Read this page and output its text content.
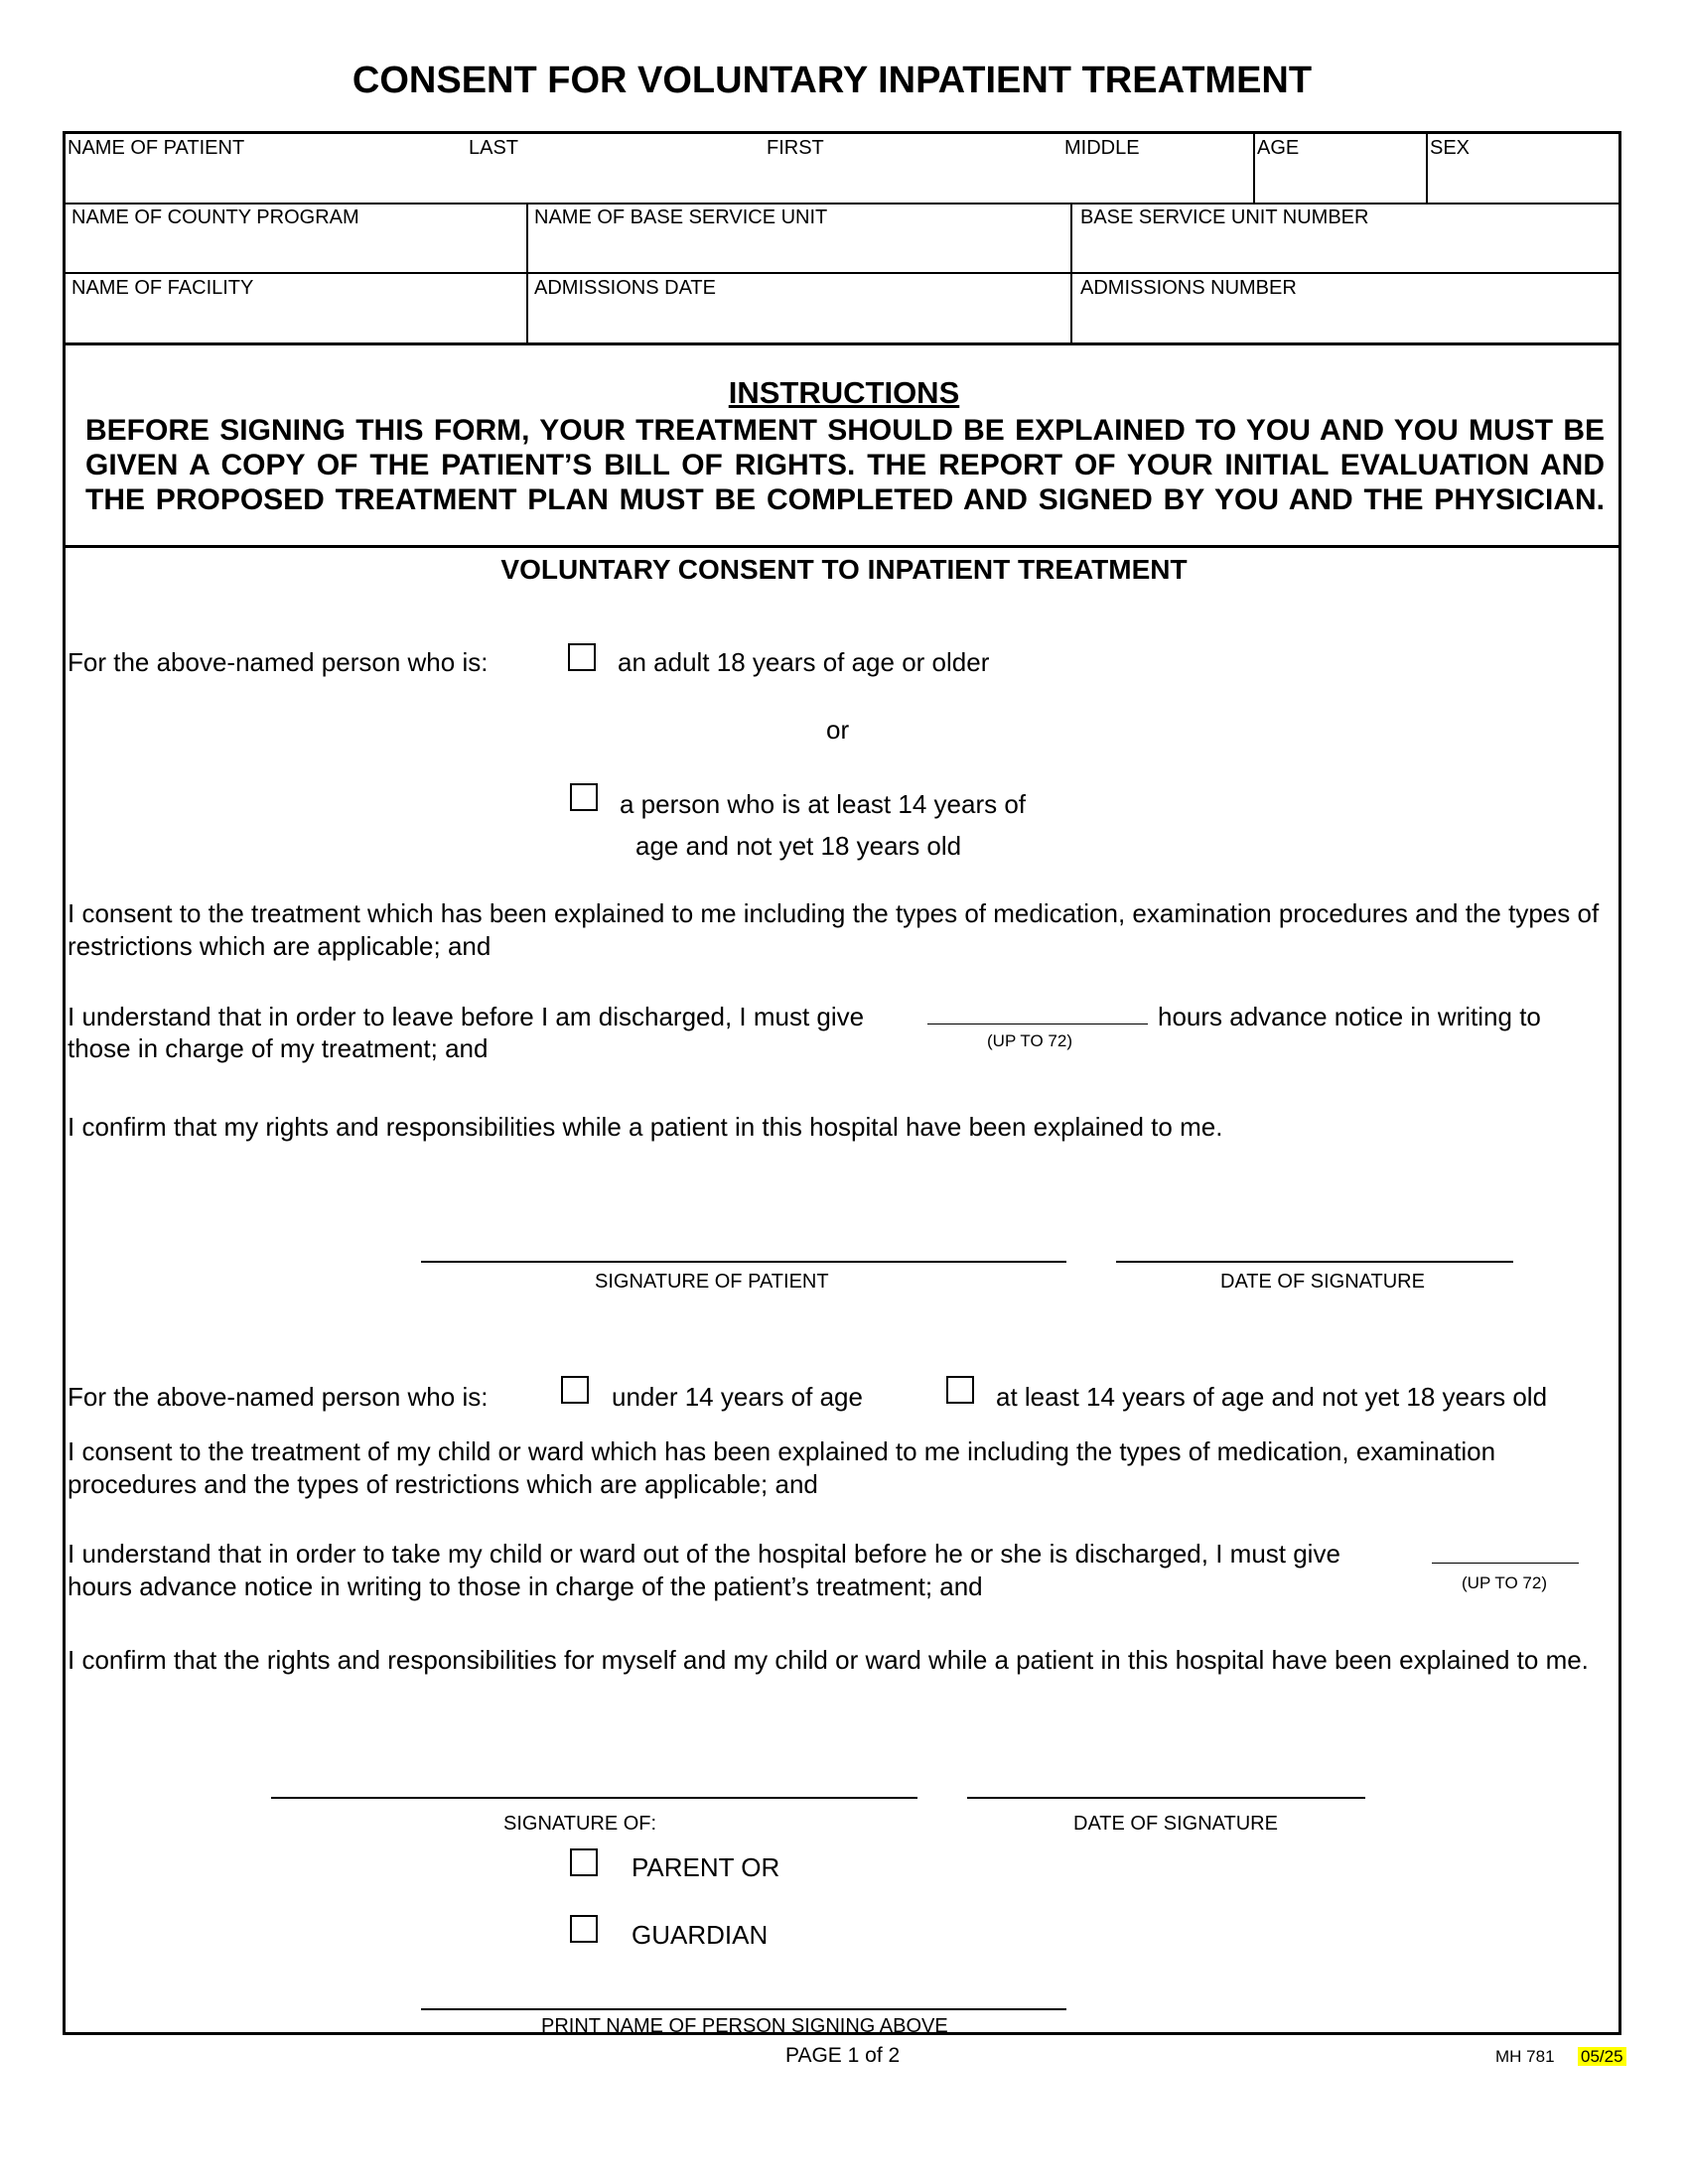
CONSENT FOR VOLUNTARY INPATIENT TREATMENT
NAME OF PATIENT	LAST	FIRST	MIDDLE	AGE	SEX
NAME OF COUNTY PROGRAM	NAME OF BASE SERVICE UNIT	BASE SERVICE UNIT NUMBER
NAME OF FACILITY	ADMISSIONS DATE	ADMISSIONS NUMBER
INSTRUCTIONS
BEFORE SIGNING THIS FORM, YOUR TREATMENT SHOULD BE EXPLAINED TO YOU AND YOU MUST BE
GIVEN A COPY OF THE PATIENT’S BILL OF RIGHTS. THE REPORT OF YOUR INITIAL EVALUATION AND
THE PROPOSED TREATMENT PLAN MUST BE COMPLETED AND SIGNED BY YOU AND THE PHYSICIAN.
VOLUNTARY CONSENT TO INPATIENT TREATMENT
For the above-named person who is:	an adult 18 years of age or older
or
a person who is at least 14 years of
age and not yet 18 years old
I consent to the treatment which has been explained to me including the types of medication, examination procedures and the types of restrictions which are applicable; and
I understand that in order to leave before I am discharged, I must give
(UP TO 72)
hours advance notice in writing to
those in charge of my treatment; and
I confirm that my rights and responsibilities while a patient in this hospital have been explained to me.
SIGNATURE OF PATIENT	DATE OF SIGNATURE
For the above-named person who is:	under 14 years of age	at least 14 years of age and not yet 18 years old
I consent to the treatment of my child or ward which has been explained to me including the types of medication, examination procedures and the types of restrictions which are applicable; and
I understand that in order to take my child or ward out of the hospital before he or she is discharged, I must give
(UP TO 72)
hours advance notice in writing to those in charge of the patient’s treatment; and
I confirm that the rights and responsibilities for myself and my child or ward while a patient in this hospital have been explained to me.
SIGNATURE OF:	DATE OF SIGNATURE
PARENT OR
GUARDIAN
PRINT NAME OF PERSON SIGNING ABOVE
PAGE 1 of 2	MH 781 05/25
